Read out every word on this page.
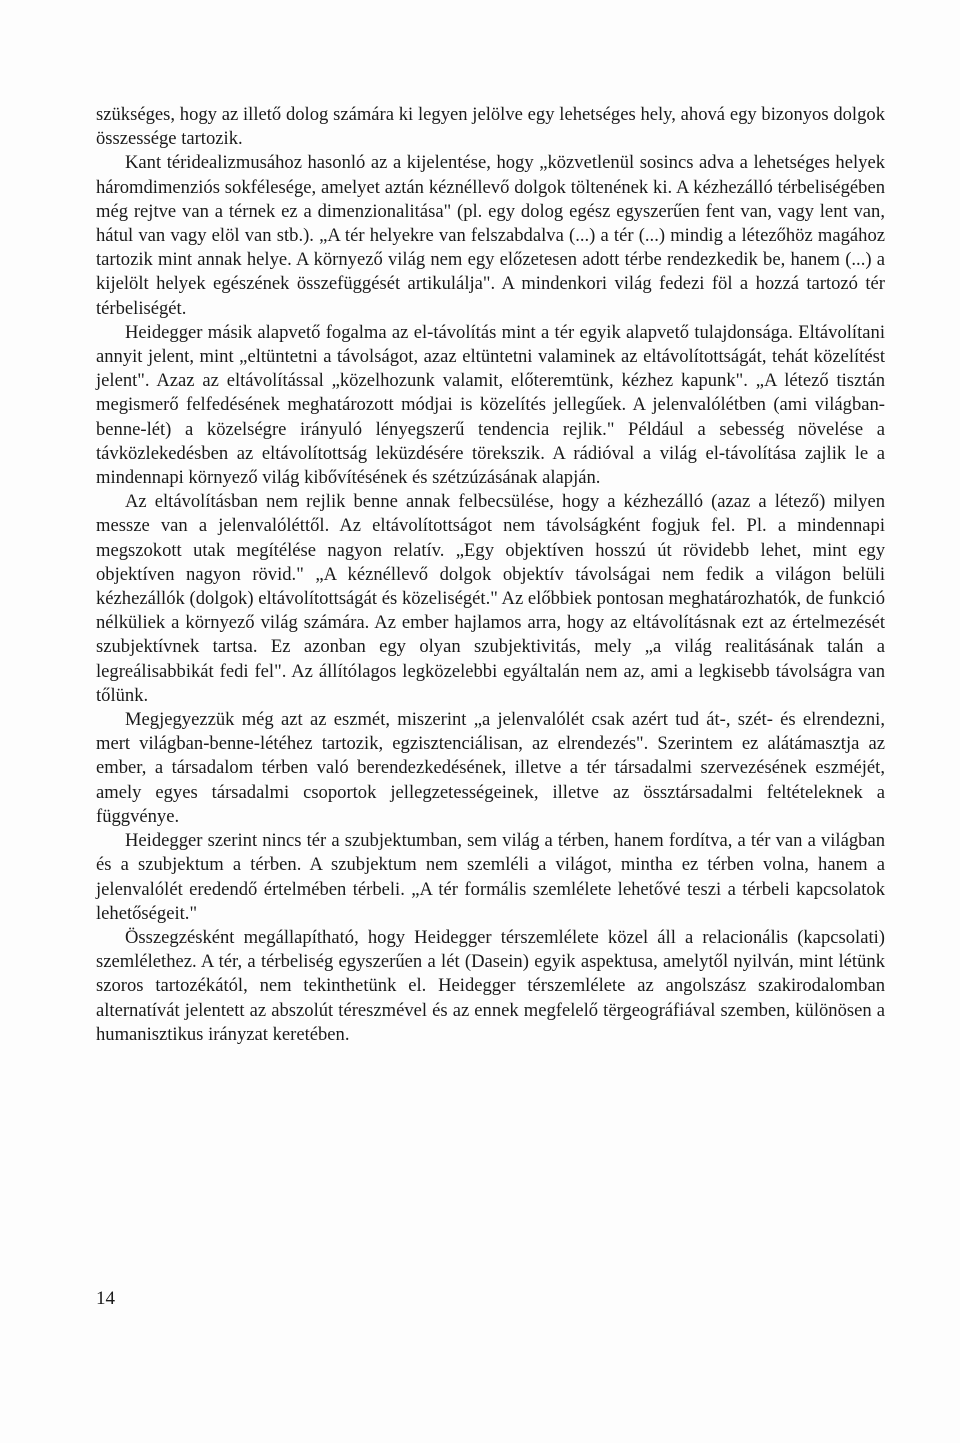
szükséges, hogy az illető dolog számára ki legyen jelölve egy lehetséges hely, ahová egy bizonyos dolgok összessége tartozik.

Kant téridealizmusához hasonló az a kijelentése, hogy „közvetlenül sosincs adva a lehetséges helyek háromdimenziós sokfélesége, amelyet aztán kéznéllevő dolgok töltenének ki. A kézhezálló térbeliségében még rejtve van a térnek ez a dimenzionalitása" (pl. egy dolog egész egyszerűen fent van, vagy lent van, hátul van vagy elöl van stb.). „A tér helyekre van felszabdalva (...) a tér (...) mindig a létezőhöz magához tartozik mint annak helye. A környező világ nem egy előzetesen adott térbe rendezkedik be, hanem (...) a kijelölt helyek egészének összefüggését artikulálja". A mindenkori világ fedezi föl a hozzá tartozó tér térbeliségét.

Heidegger másik alapvető fogalma az el-távolítás mint a tér egyik alapvető tulajdonsága. Eltávolítani annyit jelent, mint „eltüntetni a távolságot, azaz eltüntetni valaminek az eltávolítottságát, tehát közelítést jelent". Azaz az eltávolítással „közelhozunk valamit, előteremtünk, kézhez kapunk". „A létező tisztán megismerő felfedésének meghatározott módjai is közelítés jellegűek. A jelenvalólétben (ami világban-benne-lét) a közelségre irányuló lényegszerű tendencia rejlik." Például a sebesség növelése a távközlekedésben az eltávolítottság leküzdésére törekszik. A rádióval a világ el-távolítása zajlik le a mindennapi környező világ kibővítésének és szétzúzásának alapján.

Az eltávolításban nem rejlik benne annak felbecsülése, hogy a kézhezálló (azaz a létező) milyen messze van a jelenvalóléttől. Az eltávolítottságot nem távolságként fogjuk fel. Pl. a mindennapi megszokott utak megítélése nagyon relatív. „Egy objektíven hosszú út rövidebb lehet, mint egy objektíven nagyon rövid." „A kéznéllevő dolgok objektív távolságai nem fedik a világon belüli kézhezállók (dolgok) eltávolítottságát és közeliségét." Az előbbiek pontosan meghatározhatók, de funkció nélküliek a környező világ számára. Az ember hajlamos arra, hogy az eltávolításnak ezt az értelmezését szubjektívnek tartsa. Ez azonban egy olyan szubjektivitás, mely „a világ realitásának talán a legreálisabbikát fedi fel". Az állítólagos legközelebbi egyáltalán nem az, ami a legkisebb távolságra van tőlünk.

Megjegyezzük még azt az eszmét, miszerint „a jelenvalólét csak azért tud át-, szét- és elrendezni, mert világban-benne-létéhez tartozik, egzisztenciálisan, az elrendezés". Szerintem ez alátámasztja az ember, a társadalom térben való berendezkedésének, illetve a tér társadalmi szervezésének eszméjét, amely egyes társadalmi csoportok jellegzetességeinek, illetve az össztársadalmi feltételeknek a függvénye.

Heidegger szerint nincs tér a szubjektumban, sem világ a térben, hanem fordítva, a tér van a világban és a szubjektum a térben. A szubjektum nem szemléli a világot, mintha ez térben volna, hanem a jelenvalólét eredendő értelmében térbeli. „A tér formális szemlélete lehetővé teszi a térbeli kapcsolatok lehetőségeit."

Összegzésként megállapítható, hogy Heidegger térszemlélete közel áll a relacionális (kapcsolati) szemlélethez. A tér, a térbeliség egyszerűen a lét (Dasein) egyik aspektusa, amelytől nyilván, mint létünk szoros tartozékától, nem tekinthetünk el. Heidegger térszemlélete az angolszász szakirodalomban alternatívát jelentett az abszolút téreszmével és az ennek megfelelő tërgeográfiával szemben, különösen a humanisztikus irányzat keretében.

14
